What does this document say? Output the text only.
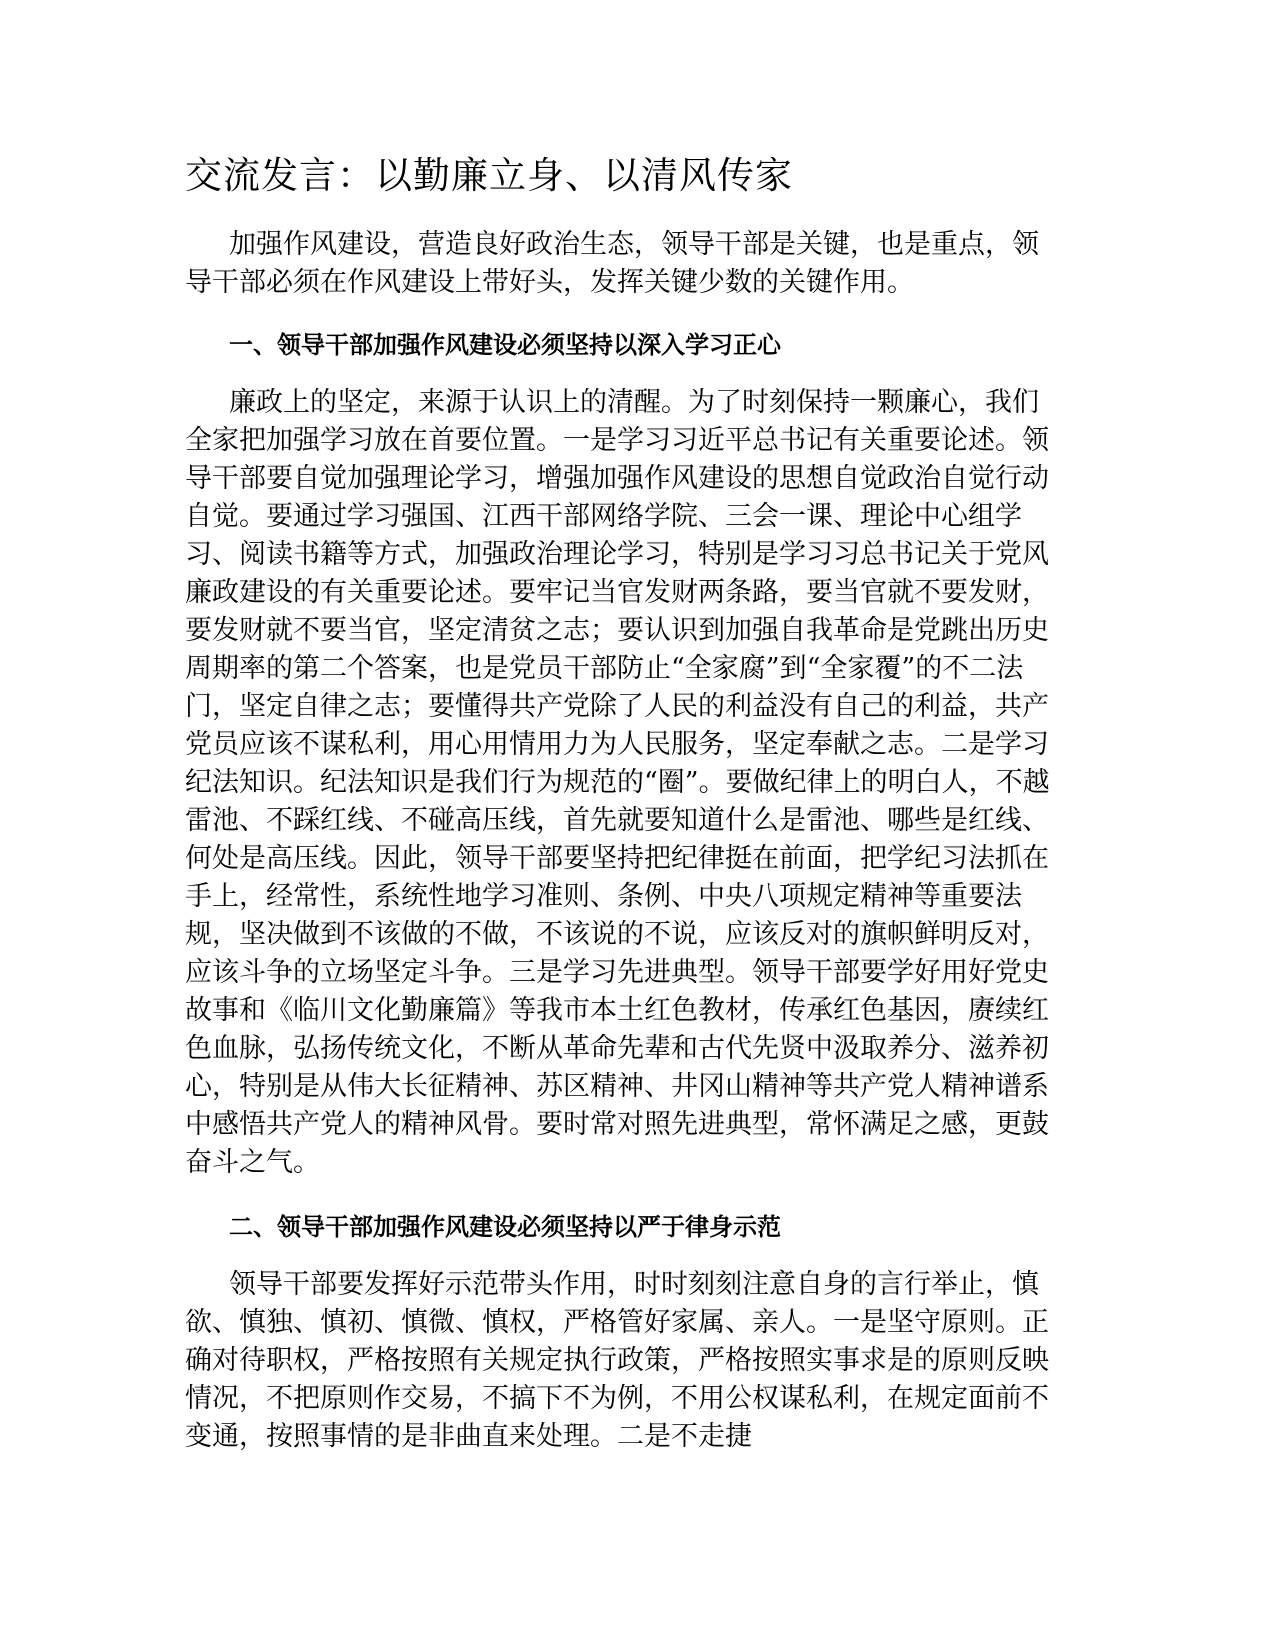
交流发言：以勤廉立身、以清风传家

加强作风建设，营造良好政治生态，领导干部是关键，也是重点，领导干部必须在作风建设上带好头，发挥关键少数的关键作用。

一、领导干部加强作风建设必须坚持以深入学习正心

廉政上的坚定，来源于认识上的清醒。为了时刻保持一颗廉心，我们全家把加强学习放在首要位置。一是学习习近平总书记有关重要论述。领导干部要自觉加强理论学习，增强加强作风建设的思想自觉政治自觉行动自觉。要通过学习强国、江西干部网络学院、三会一课、理论中心组学习、阅读书籍等方式，加强政治理论学习，特别是学习习总书记关于党风廉政建设的有关重要论述。要牢记当官发财两条路，要当官就不要发财，要发财就不要当官，坚定清贫之志；要认识到加强自我革命是党跳出历史周期率的第二个答案，也是党员干部防止“全家腐”到“全家覆”的不二法门，坚定自律之志；要懂得共产党除了人民的利益没有自己的利益，共产党员应该不谋私利，用心用情用力为人民服务，坚定奉献之志。二是学习纪法知识。纪法知识是我们行为规范的“圈”。要做纪律上的明白人，不越雷池、不踩红线、不碰高压线，首先就要知道什么是雷池、哪些是红线、何处是高压线。因此，领导干部要坚持把纪律挺在前面，把学纪习法抓在手上，经常性，系统性地学习准则、条例、中央八项规定精神等重要法规，坚决做到不该做的不做，不该说的不说，应该反对的旗帜鲜明反对，应该斗争的立场坚定斗争。三是学习先进典型。领导干部要学好用好党史故事和《临川文化勤廉篇》等我市本土红色教材，传承红色基因，赓续红色血脉，弘扬传统文化，不断从革命先辈和古代先贤中汲取养分、滋养初心，特别是从伟大长征精神、苏区精神、井冈山精神等共产党人精神谱系中感悟共产党人的精神风骨。要时常对照先进典型，常怀满足之感，更鼓奋斗之气。

二、领导干部加强作风建设必须坚持以严于律身示范

领导干部要发挥好示范带头作用，时时刻刻注意自身的言行举止，慎欲、慎独、慎初、慎微、慎权，严格管好家属、亲人。一是坚守原则。正确对待职权，严格按照有关规定执行政策，严格按照实事求是的原则反映情况，不把原则作交易，不搞下不为例，不用公权谋私利，在规定面前不变通，按照事情的是非曲直来处理。二是不走捷
